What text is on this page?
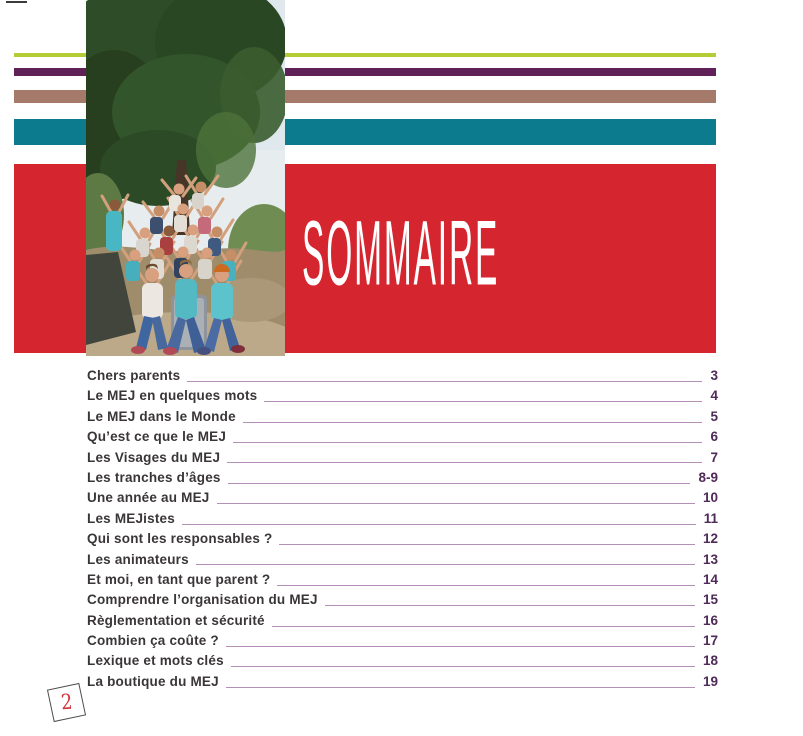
SOMMAIRE
Chers parents	3
Le MEJ en quelques mots	4
Le MEJ dans le Monde	5
Qu’est ce que le MEJ	6
Les Visages du MEJ	7
Les tranches d’âges	8-9
Une année au MEJ	10
Les MEJistes	11
Qui sont les responsables ?	12
Les animateurs	13
Et moi, en tant que parent ?	14
Comprendre l’organisation du MEJ	15
Règlementation et sécurité	16
Combien ça coûte ?	17
Lexique et mots clés	18
La boutique du MEJ	19
2
